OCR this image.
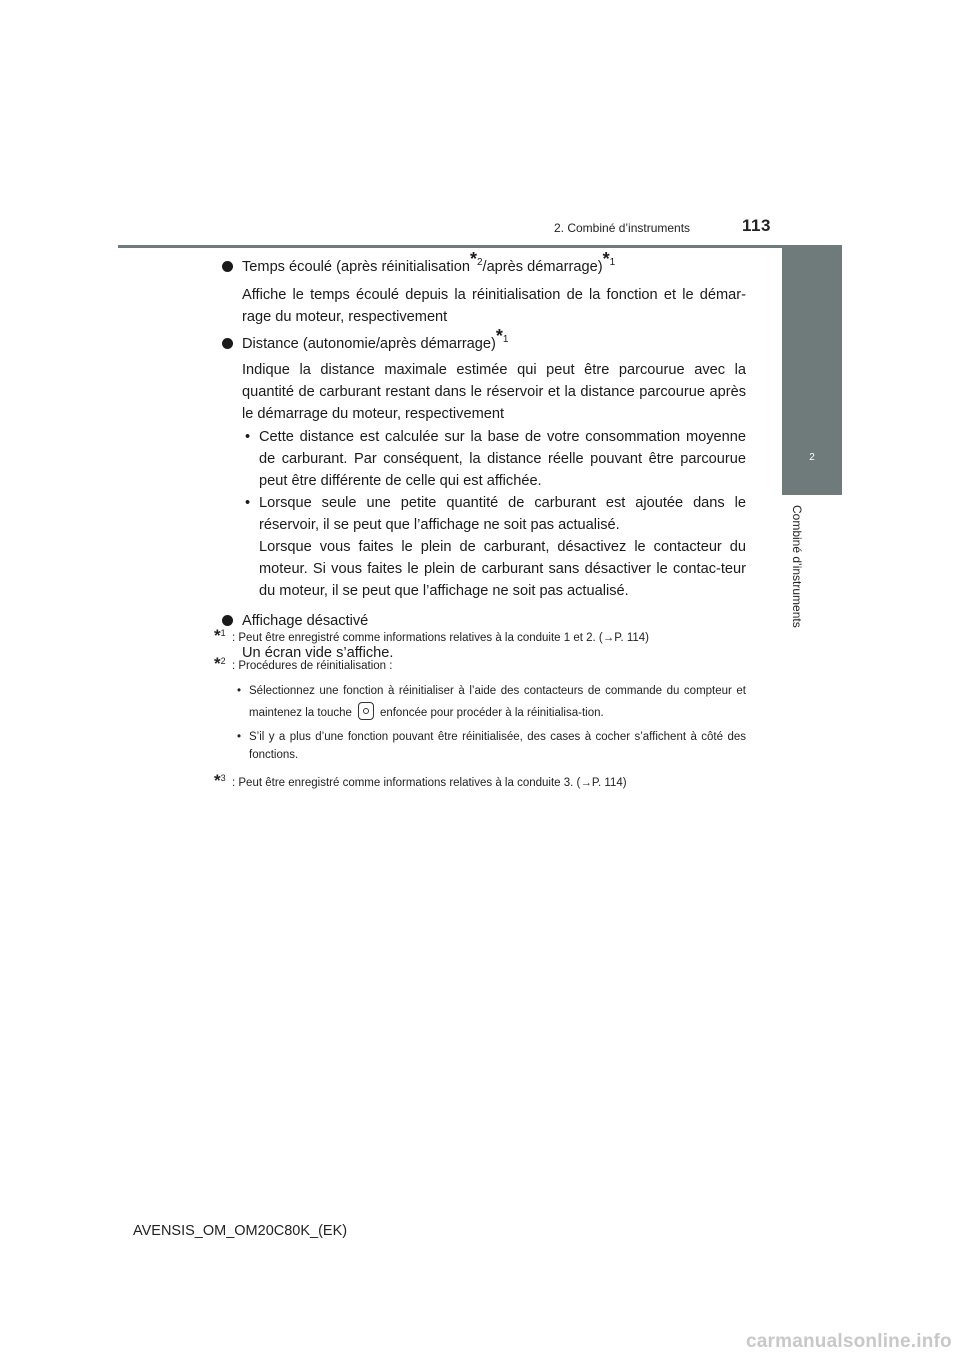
2. Combiné d’instruments	113
2
Combiné d’instruments
Temps écoulé (après réinitialisation$^{*2}$/après démarrage)$^{*1}$
Affiche le temps écoulé depuis la réinitialisation de la fonction et le démar-rage du moteur, respectivement
Distance (autonomie/après démarrage)$^{*1}$
Indique la distance maximale estimée qui peut être parcourue avec la quantité de carburant restant dans le réservoir et la distance parcourue après le démarrage du moteur, respectivement
• Cette distance est calculée sur la base de votre consommation moyenne de carburant. Par conséquent, la distance réelle pouvant être parcourue peut être différente de celle qui est affichée.
• Lorsque seule une petite quantité de carburant est ajoutée dans le réservoir, il se peut que l’affichage ne soit pas actualisé.
Lorsque vous faites le plein de carburant, désactivez le contacteur du moteur. Si vous faites le plein de carburant sans désactiver le contac-teur du moteur, il se peut que l’affichage ne soit pas actualisé.
Affichage désactivé
Un écran vide s’affiche.
*$^1$ : Peut être enregistré comme informations relatives à la conduite 1 et 2. (→P. 114)
*$^2$ : Procédures de réinitialisation :
• Sélectionnez une fonction à réinitialiser à l’aide des contacteurs de commande du compteur et maintenez la touche enfoncée pour procéder à la réinitialisa-tion.
• S’il y a plus d’une fonction pouvant être réinitialisée, des cases à cocher s’affichent à côté des fonctions.
*$^3$ : Peut être enregistré comme informations relatives à la conduite 3. (→P. 114)
AVENSIS_OM_OM20C80K_(EK)
carmanualsonline.info
